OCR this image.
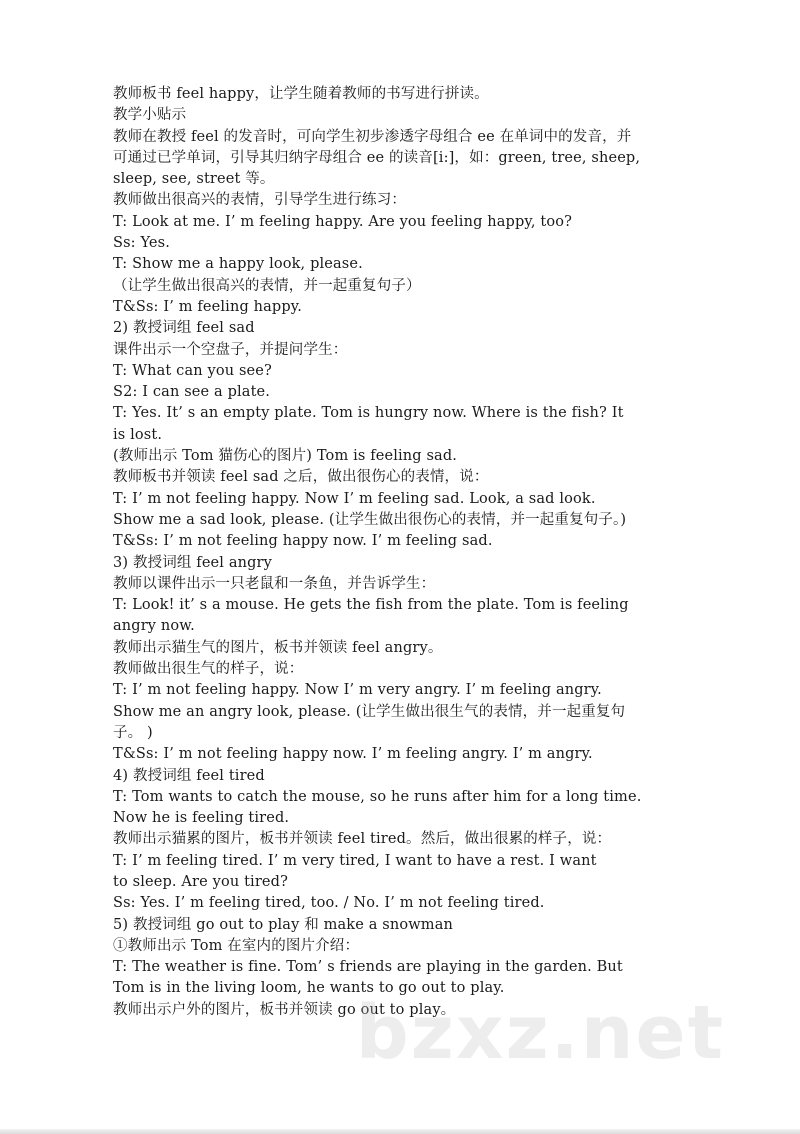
教师板书 feel happy，让学生随着教师的书写进行拼读。
教学小贴示
教师在教授 feel 的发音时，可向学生初步渗透字母组合 ee 在单词中的发音，并
可通过已学单词，引导其归纳字母组合 ee 的读音[i:]，如：green, tree, sheep,
sleep, see, street 等。
教师做出很高兴的表情，引导学生进行练习：
T: Look at me. I’ m feeling happy. Are you feeling happy, too?
Ss: Yes.
T: Show me a happy look, please.
（让学生做出很高兴的表情，并一起重复句子）
T&Ss: I’ m feeling happy.
2) 教授词组 feel sad
课件出示一个空盘子，并提问学生：
T: What can you see?
S2: I can see a plate.
T: Yes. It’ s an empty plate. Tom is hungry now. Where is the fish? It
is lost.
(教师出示 Tom 猫伤心的图片) Tom is feeling sad.
教师板书并领读 feel sad 之后，做出很伤心的表情，说：
T: I’ m not feeling happy. Now I’ m feeling sad. Look, a sad look.
Show me a sad look, please. (让学生做出很伤心的表情，并一起重复句子。)
T&Ss: I’ m not feeling happy now. I’ m feeling sad.
3) 教授词组 feel angry
教师以课件出示一只老鼠和一条鱼，并告诉学生：
T: Look! it’ s a mouse. He gets the fish from the plate. Tom is feeling
angry now.
教师出示猫生气的图片，板书并领读 feel angry。
教师做出很生气的样子，说：
T: I’ m not feeling happy. Now I’ m very angry. I’ m feeling angry.
Show me an angry look, please. (让学生做出很生气的表情，并一起重复句
子。 )
T&Ss: I’ m not feeling happy now. I’ m feeling angry. I’ m angry.
4) 教授词组 feel tired
T: Tom wants to catch the mouse, so he runs after him for a long time.
Now he is feeling tired.
教师出示猫累的图片，板书并领读 feel tired。然后，做出很累的样子，说：
T: I’ m feeling tired. I’ m very tired, I want to have a rest. I want
to sleep. Are you tired?
Ss: Yes. I’ m feeling tired, too. / No. I’ m not feeling tired.
5) 教授词组 go out to play 和 make a snowman
①教师出示 Tom 在室内的图片介绍：
T: The weather is fine. Tom’ s friends are playing in the garden. But
Tom is in the living loom, he wants to go out to play.
教师出示户外的图片，板书并领读 go out to play。
bzxz.net
